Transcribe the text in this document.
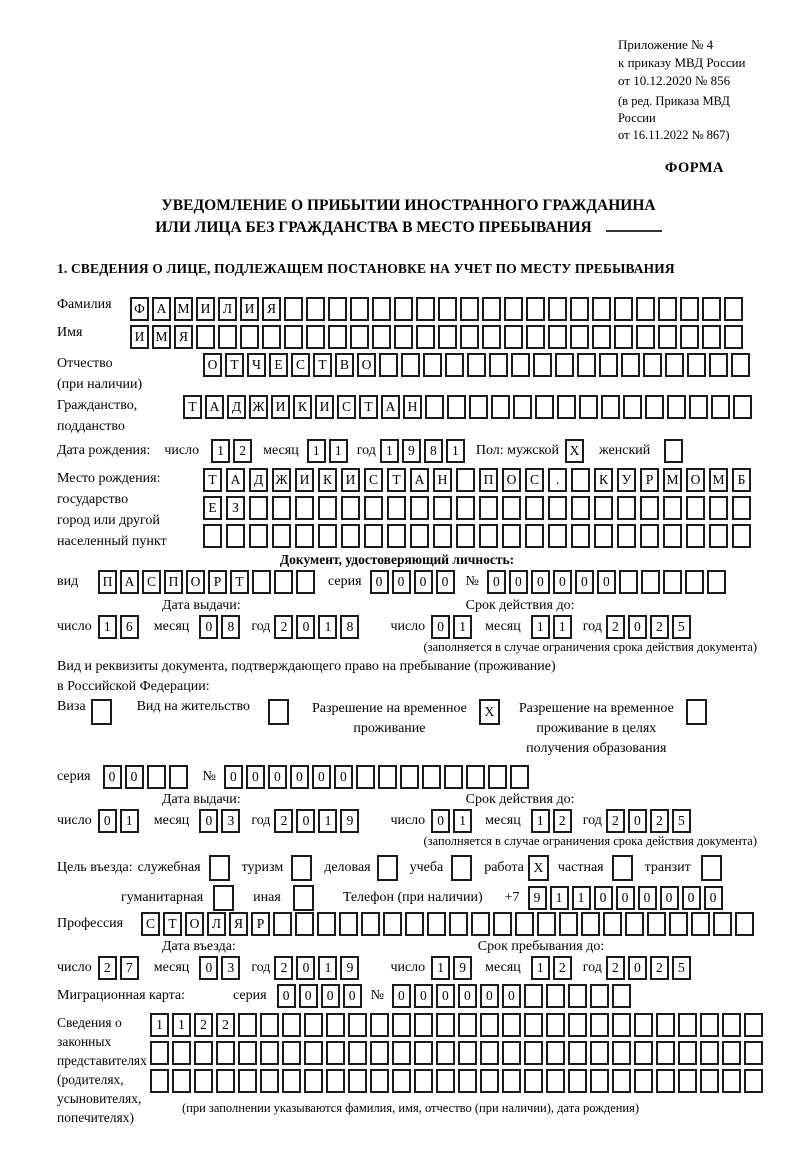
Приложение № 4
к приказу МВД России
от 10.12.2020 № 856
(в ред. Приказа МВД России
от 16.11.2022 № 867)
ФОРМА
УВЕДОМЛЕНИЕ О ПРИБЫТИИ ИНОСТРАННОГО ГРАЖДАНИНА
ИЛИ ЛИЦА БЕЗ ГРАЖДАНСТВА В МЕСТО ПРЕБЫВАНИЯ
1. СВЕДЕНИЯ О ЛИЦЕ, ПОДЛЕЖАЩЕМ ПОСТАНОВКЕ НА УЧЕТ ПО МЕСТУ ПРЕБЫВАНИЯ
Фамилия	Ф А М И Л И Я
Имя	И М Я
Отчество
(при наличии)
О Т Ч Е С Т В О
Гражданство,
подданство
Т А Д Ж И К И С Т А Н
Дата рождения: число	1	2	месяц	1	1	год 1	9	8	1	Пол: мужской X	женский
Место рождения:
государство
город или другой
населенный пункт
Т	А	Д Ж И	К	И	С	Т	А Н	П О	С	.	К	У	Р М О М Б
Е	З
Документ, удостоверяющий личность:
вид	П А С П О Р	Т	серия	0	0	0	0	№	0	0	0	0	0	0
Дата выдачи:	Срок действия до:
число 1	6	месяц	0	8	год 2	0	1	8	число 0	1	месяц	1	1	год 2	0	2	5
(заполняется в случае ограничения срока действия документа)
Вид и реквизиты документа, подтверждающего право на пребывание (проживание)
в Российской Федерации:
Виза	Вид на жительство	Разрешение на временное
проживание
X	Разрешение на временное
проживание в целях
получения образования
серия	0	0	№	0	0	0	0	0	0
Дата выдачи:	Срок действия до:
число 0	1	месяц	0	3	год 2	0	1	9	число 0	1	месяц	1	2	год 2	0	2	5
(заполняется в случае ограничения срока действия документа)
Цель въезда: служебная	туризм	деловая	учеба	работа X	частная	транзит
гуманитарная	иная	Телефон (при наличии) +7	9	1	1	0	0	0	0	0	0
Профессия	С Т О Л Я	Р
Дата въезда:	Срок пребывания до:
число 2	7	месяц	0	3	год 2	0	1	9	число 1	9	месяц	1	2	год 2	0	2	5
Миграционная карта:	серия	0	0	0	0	№	0	0	0	0	0	0
Сведения о
законных
представителях
(родителях,
усыновителях,
попечителях)
1	1	2	2
(при заполнении указываются фамилия, имя, отчество (при наличии), дата рождения)
